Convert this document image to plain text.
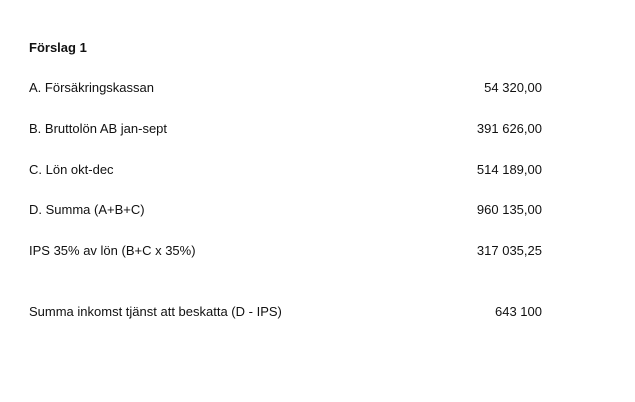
Förslag 1
A. Försäkringskassan	54 320,00
B. Bruttolön AB jan-sept	391 626,00
C. Lön okt-dec	514 189,00
D. Summa (A+B+C)	960 135,00
IPS 35% av lön (B+C x 35%)	317 035,25
Summa inkomst tjänst att beskatta (D - IPS)	643 100
